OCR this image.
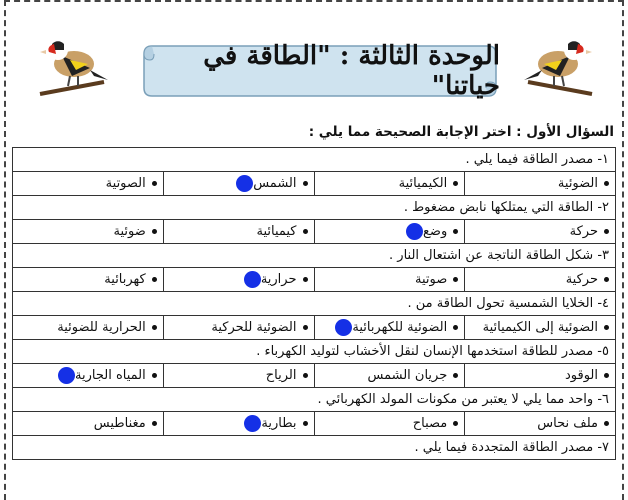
الوحدة الثالثة : "الطاقة في حياتنا"
السؤال الأول : اختر الإجابة الصحيحة مما يلي :
١- مصدر الطاقة فيما يلي .			
الضوئية	الكيميائية	الشمس	الصوتية
٢- الطاقة التي يمتلكها نابض مضغوط .			
حركة	وضع	كيميائية	ضوئية
٣- شكل الطاقة الناتجة عن اشتعال النار .			
حركية	صوتية	حرارية	كهربائية
٤- الخلايا الشمسية تحول الطاقة من .			
الضوئية إلى الكيميائية	الضوئية للكهربائية	الضوئية للحركية	الحرارية للضوئية
٥- مصدر للطاقة استخدمها الإنسان لنقل الأخشاب لتوليد الكهرباء .			
الوقود	جريان الشمس	الرياح	المياه الجارية
٦- واحد مما يلي لا يعتبر من مكونات المولد الكهربائي .			
ملف نحاس	مصباح	بطارية	مغناطيس
٧- مصدر الطاقة المتجددة فيما يلي .			
